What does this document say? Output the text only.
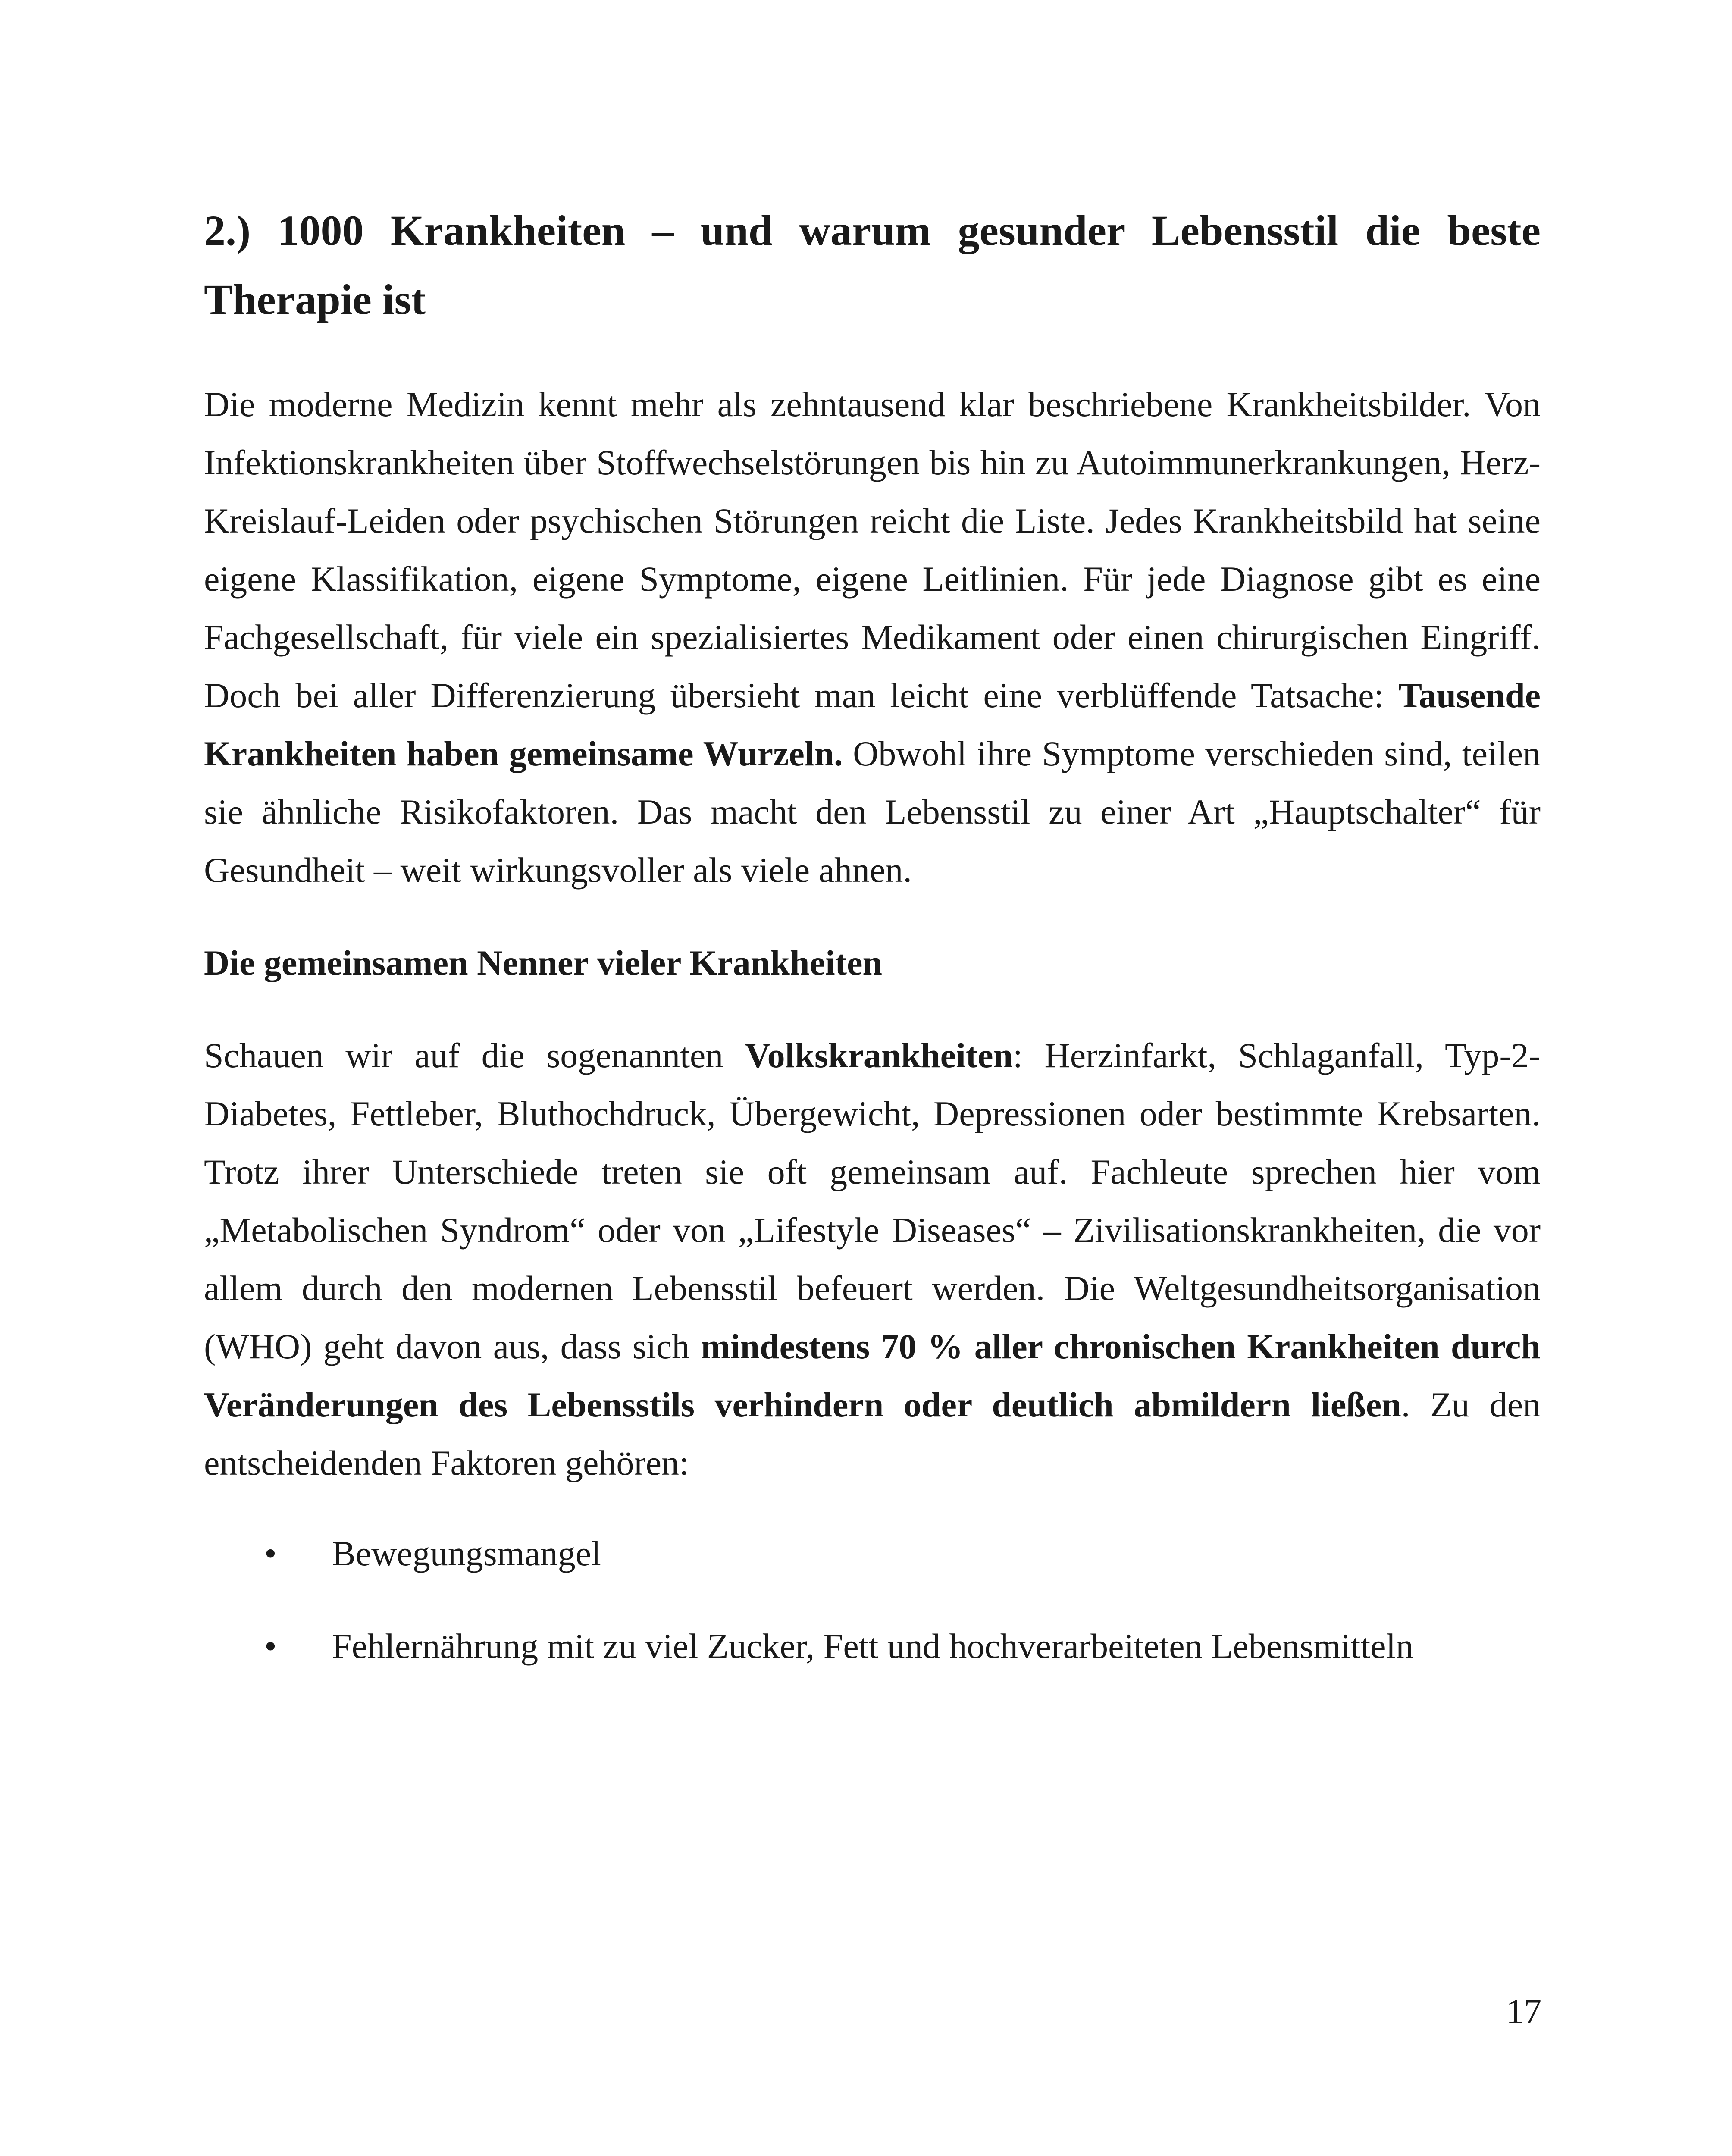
2.) 1000 Krankheiten – und warum gesunder Lebensstil die beste Therapie ist

Die moderne Medizin kennt mehr als zehntausend klar beschriebene Krankheitsbilder. Von Infektionskrankheiten über Stoffwechselstörungen bis hin zu Autoimmunerkrankungen, Herz-Kreislauf-Leiden oder psychischen Störungen reicht die Liste. Jedes Krankheitsbild hat seine eigene Klassifikation, eigene Symptome, eigene Leitlinien. Für jede Diagnose gibt es eine Fachgesellschaft, für viele ein spezialisiertes Medikament oder einen chirurgischen Eingriff. Doch bei aller Differenzierung übersieht man leicht eine verblüffende Tatsache: Tausende Krankheiten haben gemeinsame Wurzeln. Obwohl ihre Symptome verschieden sind, teilen sie ähnliche Risikofaktoren. Das macht den Lebensstil zu einer Art „Hauptschalter“ für Gesundheit – weit wirkungsvoller als viele ahnen.

Die gemeinsamen Nenner vieler Krankheiten

Schauen wir auf die sogenannten Volkskrankheiten: Herzinfarkt, Schlaganfall, Typ-2-Diabetes, Fettleber, Bluthochdruck, Übergewicht, Depressionen oder bestimmte Krebsarten. Trotz ihrer Unterschiede treten sie oft gemeinsam auf. Fachleute sprechen hier vom „Metabolischen Syndrom“ oder von „Lifestyle Diseases“ – Zivilisationskrankheiten, die vor allem durch den modernen Lebensstil befeuert werden. Die Weltgesundheitsorganisation (WHO) geht davon aus, dass sich mindestens 70 % aller chronischen Krankheiten durch Veränderungen des Lebensstils verhindern oder deutlich abmildern ließen. Zu den entscheidenden Faktoren gehören:

• Bewegungsmangel
• Fehlernährung mit zu viel Zucker, Fett und hochverarbeiteten Lebensmitteln
17
